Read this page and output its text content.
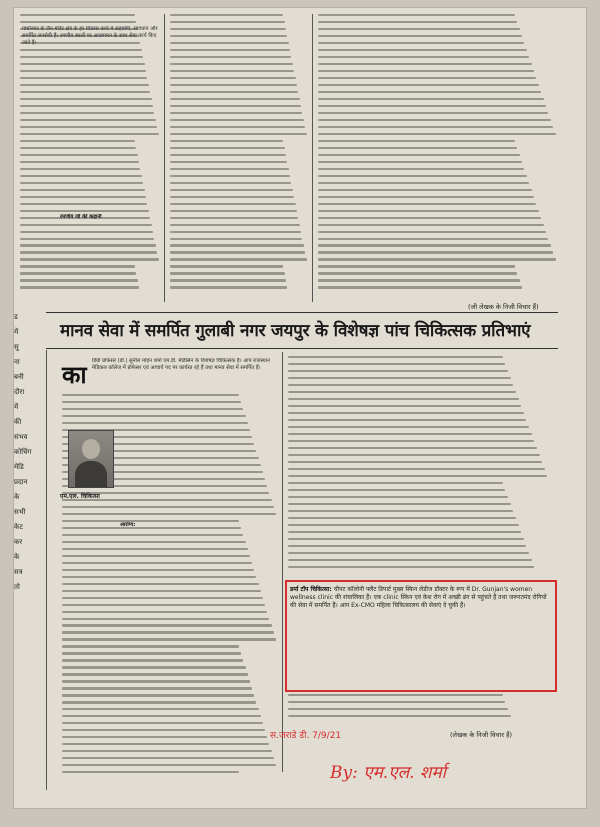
गांधीनगर के जैन मंदिर क्षेत्र के हर विकास कार्य में सहयोगी, सावधान और समर्पित जनसेवी हैं। रमणीय स्थलों पर आवागमन के साथ सेवा कार्य किए जाते हैं।

रमणीय जी की कहानी
(जी लेखक के निजी विचार हैं)
मानव सेवा में समर्पित गुलाबी नगर जयपुर के विशेषज्ञ पांच चिकित्सक प्रतिभाएं
ड
में
सु
ना
बनी
दौरा
में
की
संभव
कोचिंग
मेडि
प्रदान
के
सभी
केट
कर
के
सत्र
तो
का डिग्री प्रोफेसर (डॉ.) सुनील मोहन शर्मा एम.डी. मेडिसिन के विशेषज्ञ चिकित्सक हैं। आप राजस्थान मेडिकल कॉलेज में प्रोफेसर एवं आचार्य पद पर कार्यरत रहे हैं तथा मानव सेवा में समर्पित हैं।
एम.एल. चिकित्सा
आरोग्य:
डर्मा टॉप चिकित्सा: चौपट कॉलोनी फ्लैट डिपार्ट मुख्य स्किन लेडीज डॉक्टर के रूप में Dr. Gunjan's women wellness clinic की संचालिका हैं। एक clinic स्किन एवं केश रोग में अच्छी ढंग से पहुंचते हैं तथा जरूरतमंद रोगियों की सेवा में समर्पित हैं। आप Ex-CMO महिला चिकित्सालय की सेवाएं दे चुकी हैं।
स.जराडे डी. 7/9/21	(लेखक के निजी विचार हैं)
By: एम.एल. शर्मा
